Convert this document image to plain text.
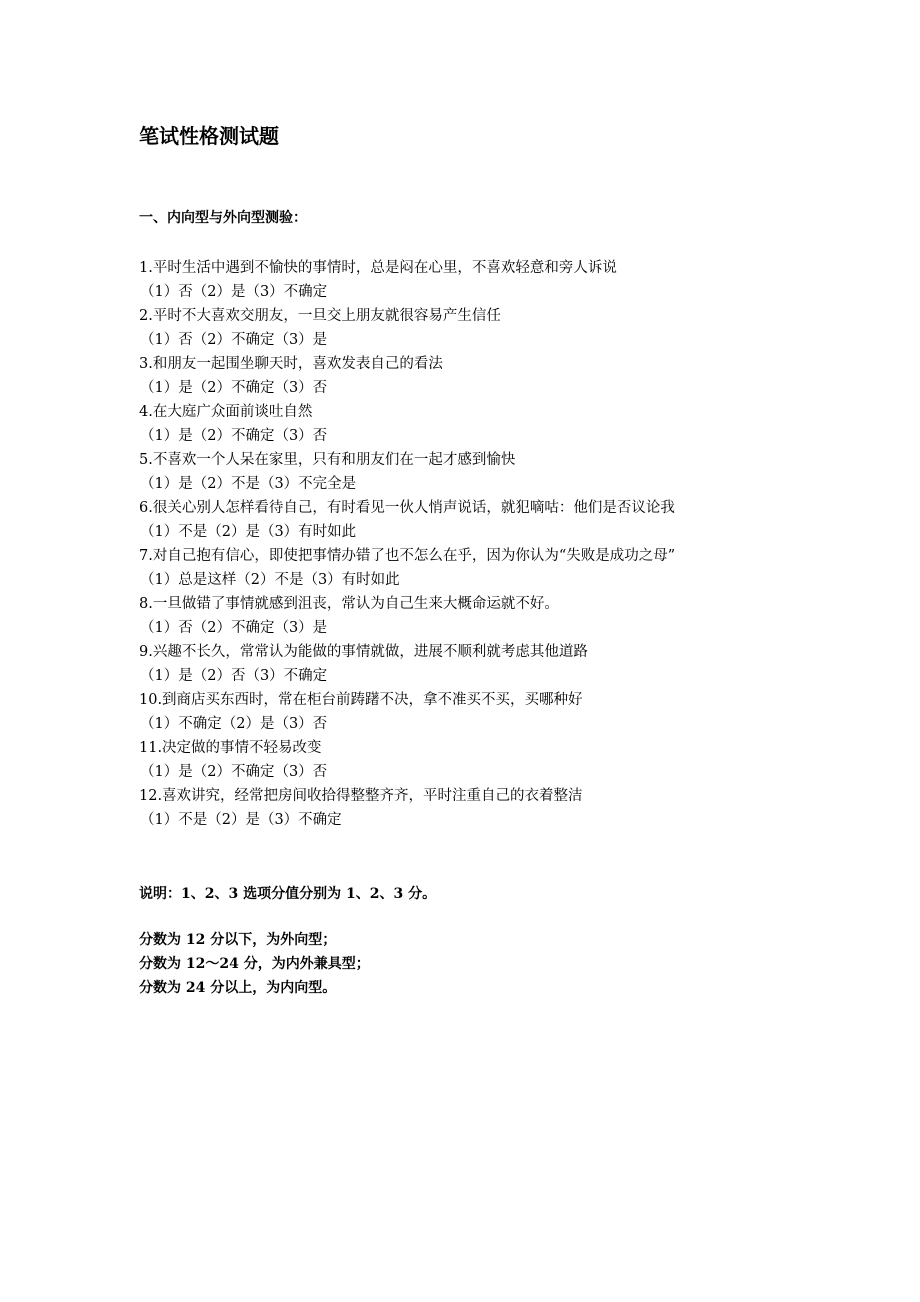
笔试性格测试题
一、内向型与外向型测验：
1.平时生活中遇到不愉快的事情时，总是闷在心里，不喜欢轻意和旁人诉说
（1）否（2）是（3）不确定
2.平时不大喜欢交朋友，一旦交上朋友就很容易产生信任
（1）否（2）不确定（3）是
3.和朋友一起围坐聊天时，喜欢发表自己的看法
（1）是（2）不确定（3）否
4.在大庭广众面前谈吐自然
（1）是（2）不确定（3）否
5.不喜欢一个人呆在家里，只有和朋友们在一起才感到愉快
（1）是（2）不是（3）不完全是
6.很关心别人怎样看待自己，有时看见一伙人悄声说话，就犯嘀咕：他们是否议论我
（1）不是（2）是（3）有时如此
7.对自己抱有信心，即使把事情办错了也不怎么在乎，因为你认为“失败是成功之母”
（1）总是这样（2）不是（3）有时如此
8.一旦做错了事情就感到沮丧，常认为自己生来大概命运就不好。
（1）否（2）不确定（3）是
9.兴趣不长久，常常认为能做的事情就做，进展不顺利就考虑其他道路
（1）是（2）否（3）不确定
10.到商店买东西时，常在柜台前踌躇不决，拿不准买不买，买哪种好
（1）不确定（2）是（3）否
11.决定做的事情不轻易改变
（1）是（2）不确定（3）否
12.喜欢讲究，经常把房间收拾得整整齐齐，平时注重自己的衣着整洁
（1）不是（2）是（3）不确定

说明：1、2、3 选项分值分别为 1、2、3 分。

分数为 12 分以下，为外向型；

分数为 12～24 分，为内外兼具型；

分数为 24 分以上，为内向型。
